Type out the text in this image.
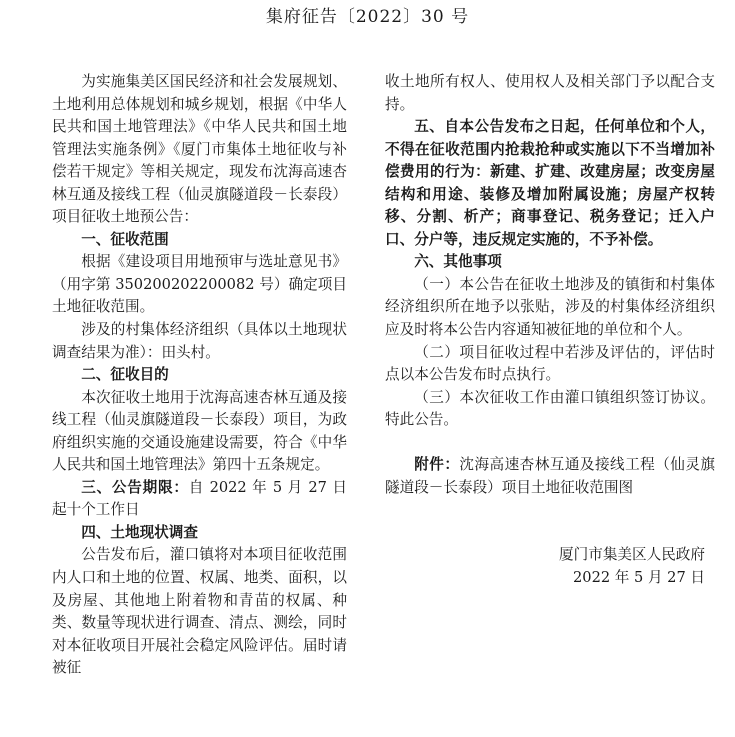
集府征告〔2022〕30 号

为实施集美区国民经济和社会发展规划、土地利用总体规划和城乡规划，根据《中华人民共和国土地管理法》《中华人民共和国土地管理法实施条例》《厦门市集体土地征收与补偿若干规定》等相关规定，现发布沈海高速杏林互通及接线工程（仙灵旗隧道段－长泰段）项目征收土地预公告：

一、征收范围

根据《建设项目用地预审与选址意见书》（用字第 350200202200082 号）确定项目土地征收范围。

涉及的村集体经济组织（具体以土地现状调查结果为准）：田头村。

二、征收目的

本次征收土地用于沈海高速杏林互通及接线工程（仙灵旗隧道段－长泰段）项目，为政府组织实施的交通设施建设需要，符合《中华人民共和国土地管理法》第四十五条规定。

三、公告期限：自 2022 年 5 月 27 日起十个工作日

四、土地现状调查

公告发布后，灌口镇将对本项目征收范围内人口和土地的位置、权属、地类、面积，以及房屋、其他地上附着物和青苗的权属、种类、数量等现状进行调查、清点、测绘，同时对本征收项目开展社会稳定风险评估。届时请被征

收土地所有权人、使用权人及相关部门予以配合支持。

五、自本公告发布之日起，任何单位和个人，不得在征收范围内抢栽抢种或实施以下不当增加补偿费用的行为：新建、扩建、改建房屋；改变房屋结构和用途、装修及增加附属设施；房屋产权转移、分割、析产；商事登记、税务登记；迁入户口、分户等，违反规定实施的，不予补偿。

六、其他事项

（一）本公告在征收土地涉及的镇街和村集体经济组织所在地予以张贴，涉及的村集体经济组织应及时将本公告内容通知被征地的单位和个人。

（二）项目征收过程中若涉及评估的，评估时点以本公告发布时点执行。

（三）本次征收工作由灌口镇组织签订协议。特此公告。

附件：沈海高速杏林互通及接线工程（仙灵旗隧道段－长泰段）项目土地征收范围图

厦门市集美区人民政府

2022 年 5 月 27 日
